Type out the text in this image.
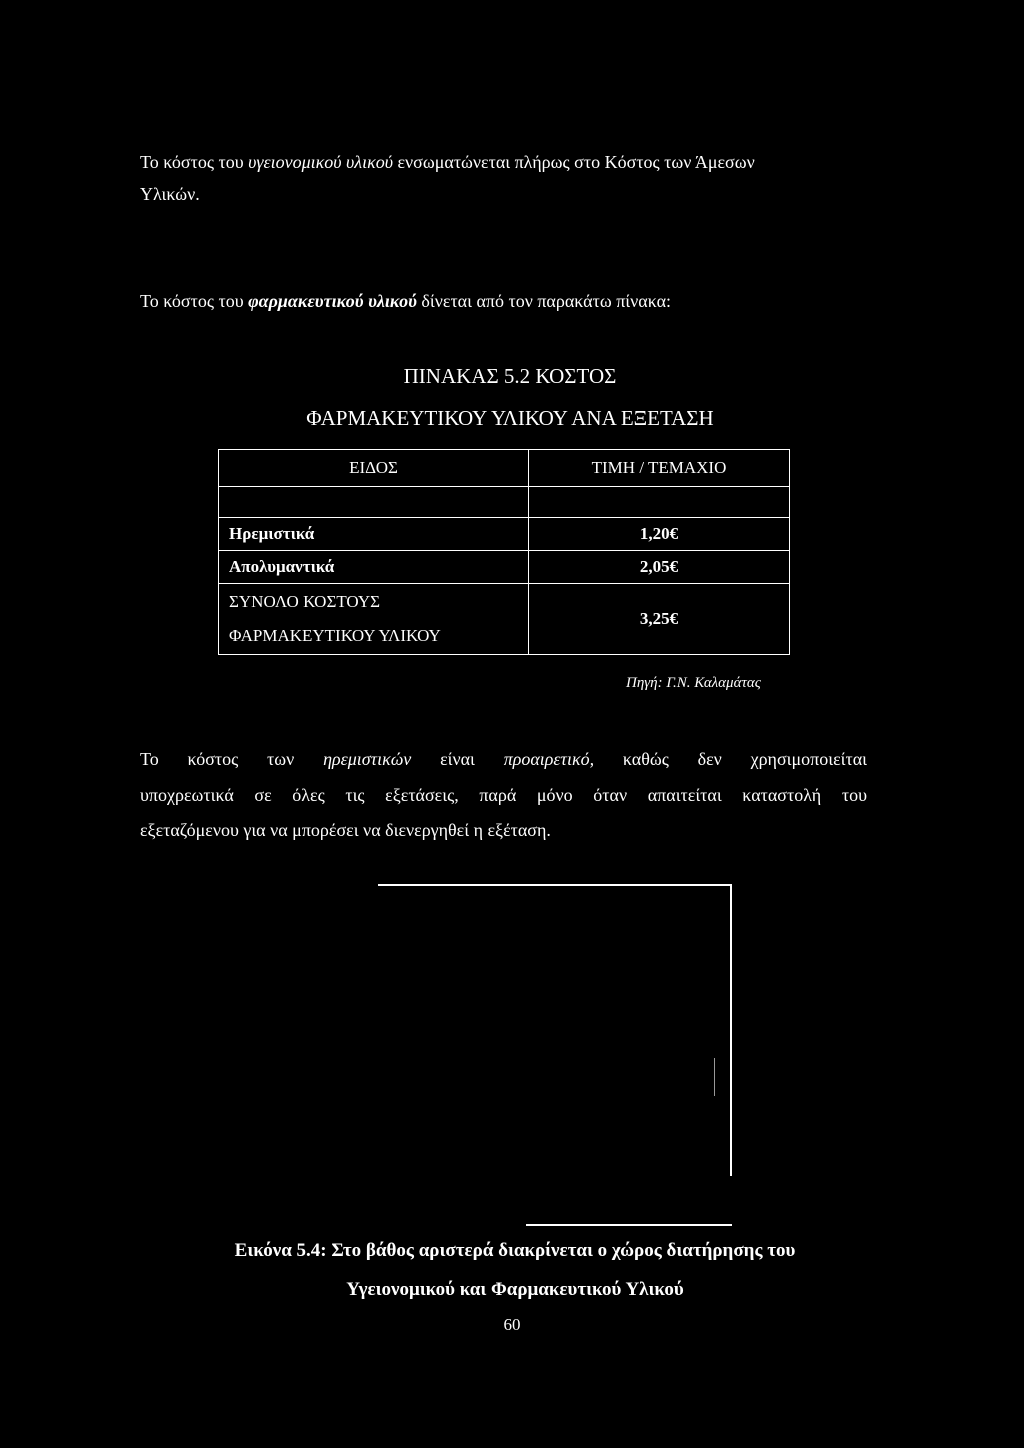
Το κόστος του υγειονομικού υλικού ενσωματώνεται πλήρως στο Κόστος των Άμεσων
Υλικών.
Το κόστος του φαρμακευτικού υλικού δίνεται από τον παρακάτω πίνακα:
ΠΙΝΑΚΑΣ 5.2 ΚΟΣΤΟΣ
ΦΑΡΜΑΚΕΥΤΙΚΟΥ ΥΛΙΚΟΥ ΑΝΑ ΕΞΕΤΑΣΗ
ΕΙΔΟΣ	ΤΙΜΗ / ΤΕΜΑΧΙΟ

Ηρεμιστικά	1,20€
Απολυμαντικά	2,05€

ΣΥΝΟΛΟ ΚΟΣΤΟΥΣ
ΦΑΡΜΑΚΕΥΤΙΚΟΥ ΥΛΙΚΟΥ	3,25€
Πηγή: Γ.Ν. Καλαμάτας
Το κόστος των ηρεμιστικών είναι προαιρετικό, καθώς δεν χρησιμοποιείται
υποχρεωτικά σε όλες τις εξετάσεις, παρά μόνο όταν απαιτείται καταστολή του
εξεταζόμενου για να μπορέσει να διενεργηθεί η εξέταση.
Εικόνα 5.4: Στο βάθος αριστερά διακρίνεται ο χώρος διατήρησης του
Υγειονομικού και Φαρμακευτικού Υλικού
60
